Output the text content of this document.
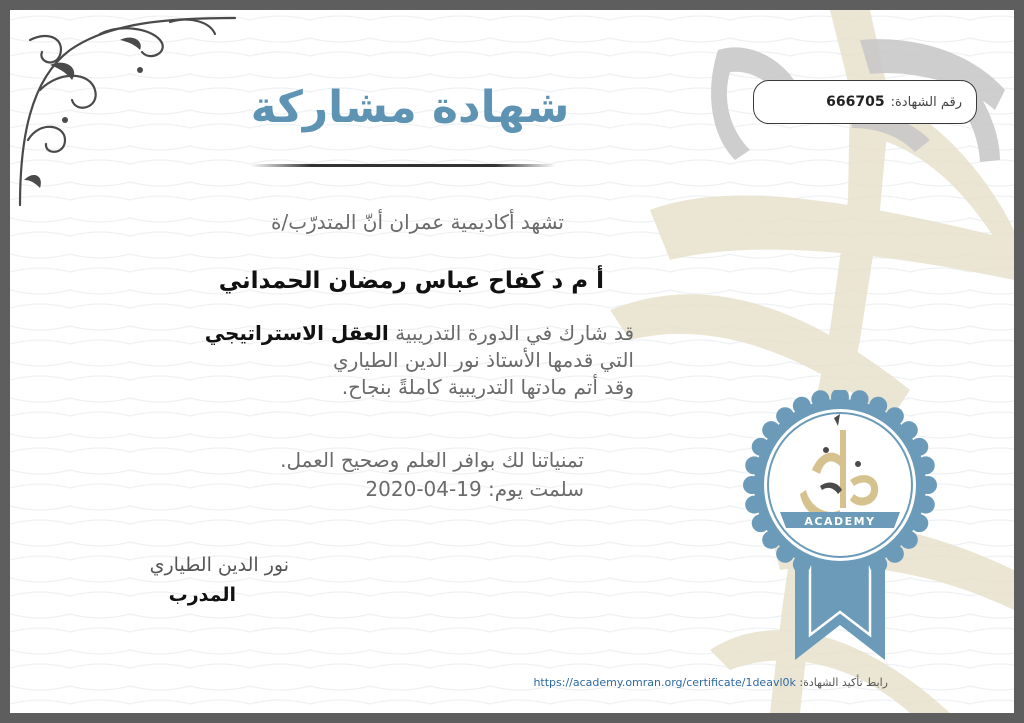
رقم الشهادة:
666705
شهادة مشاركة
تشهد أكاديمية عمران أنّ المتدرّب/ة
أ م د كفاح عباس رمضان الحمداني
قد شارك في الدورة التدريبية العقل الاستراتيجي
التي قدمها الأستاذ نور الدين الطياري
وقد أتم مادتها التدريبية كاملةً بنجاح.
تمنياتنا لك بوافر العلم وصحيح العمل.
سلمت يوم: 19-04-2020
نور الدين الطياري
المدرب
ACADEMY
رابط تأكيد الشهادة: https://academy.omran.org/certificate/1deavl0k
